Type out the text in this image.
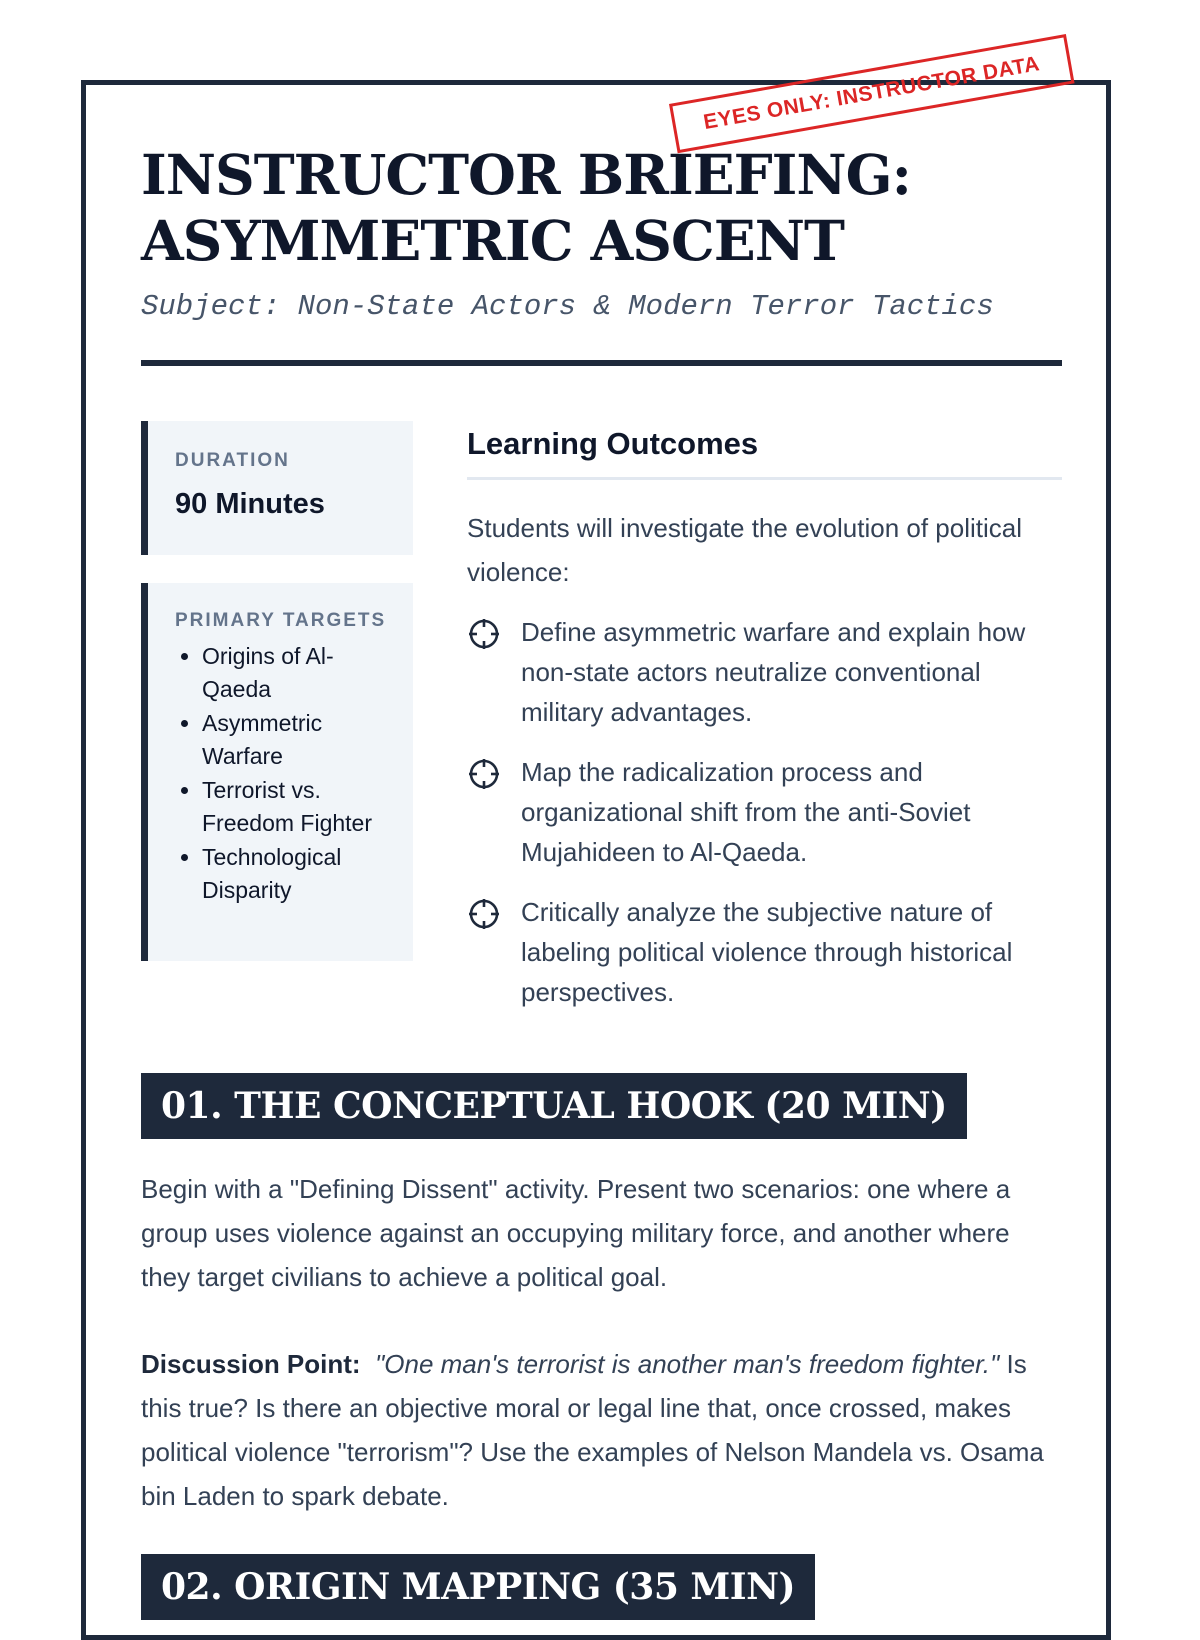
INSTRUCTOR BRIEFING: ASYMMETRIC ASCENT
EYES ONLY: INSTRUCTOR DATA
Subject: Non-State Actors & Modern Terror Tactics
DURATION
90 Minutes
PRIMARY TARGETS
• Origins of Al-Qaeda
• Asymmetric Warfare
• Terrorist vs. Freedom Fighter
• Technological Disparity
Learning Outcomes

Students will investigate the evolution of political violence:

Define asymmetric warfare and explain how non-state actors neutralize conventional military advantages.
Map the radicalization process and organizational shift from the anti-Soviet Mujahideen to Al-Qaeda.
Critically analyze the subjective nature of labeling political violence through historical perspectives.
01. THE CONCEPTUAL HOOK (20 MIN)

Begin with a "Defining Dissent" activity. Present two scenarios: one where a group uses violence against an occupying military force, and another where they target civilians to achieve a political goal.

Discussion Point: "One man's terrorist is another man's freedom fighter." Is this true? Is there an objective moral or legal line that, once crossed, makes political violence "terrorism"? Use the examples of Nelson Mandela vs. Osama bin Laden to spark debate.

02. ORIGIN MAPPING (35 MIN)
